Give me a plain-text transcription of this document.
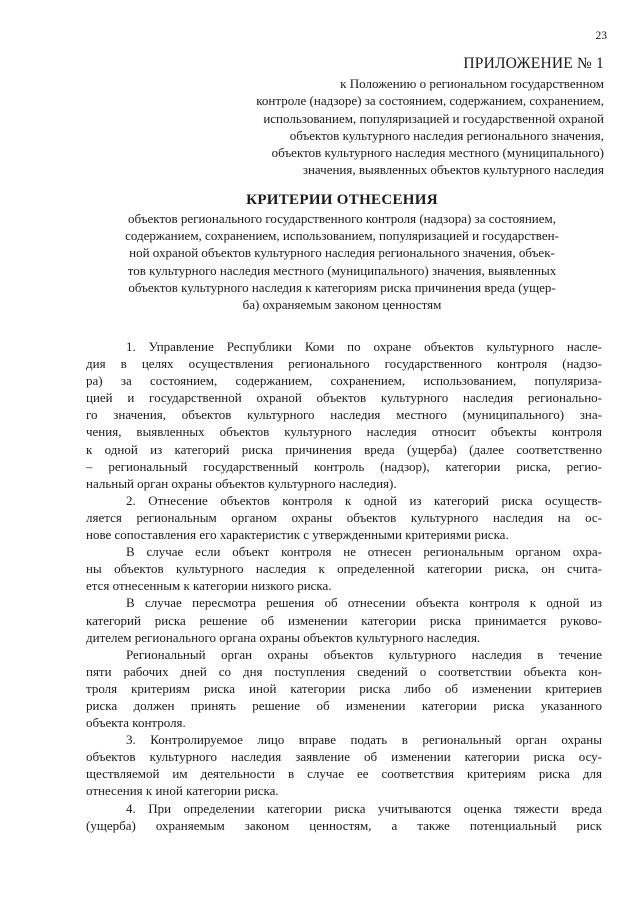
23
ПРИЛОЖЕНИЕ № 1
к Положению о региональном государственном
контроле (надзоре) за состоянием, содержанием, сохранением,
использованием, популяризацией и государственной охраной
объектов культурного наследия регионального значения,
объектов культурного наследия местного (муниципального)
значения, выявленных объектов культурного наследия
КРИТЕРИИ ОТНЕСЕНИЯ
объектов регионального государственного контроля (надзора) за состоянием,
содержанием, сохранением, использованием, популяризацией и государствен-
ной охраной объектов культурного наследия регионального значения, объек-
тов культурного наследия местного (муниципального) значения, выявленных
объектов культурного наследия к категориям риска причинения вреда (ущер-
ба) охраняемым законом ценностям
1. Управление Республики Коми по охране объектов культурного насле-
дия в целях осуществления регионального государственного контроля (надзо-
ра) за состоянием, содержанием, сохранением, использованием, популяриза-
цией и государственной охраной объектов культурного наследия регионально-
го значения, объектов культурного наследия местного (муниципального) зна-
чения, выявленных объектов культурного наследия относит объекты контроля
к одной из категорий риска причинения вреда (ущерба) (далее соответственно
– региональный государственный контроль (надзор), категории риска, регио-
нальный орган охраны объектов культурного наследия).
2. Отнесение объектов контроля к одной из категорий риска осуществ-
ляется региональным органом охраны объектов культурного наследия на ос-
нове сопоставления его характеристик с утвержденными критериями риска.
В случае если объект контроля не отнесен региональным органом охра-
ны объектов культурного наследия к определенной категории риска, он счита-
ется отнесенным к категории низкого риска.
В случае пересмотра решения об отнесении объекта контроля к одной из
категорий риска решение об изменении категории риска принимается руково-
дителем регионального органа охраны объектов культурного наследия.
Региональный орган охраны объектов культурного наследия в течение
пяти рабочих дней со дня поступления сведений о соответствии объекта кон-
троля критериям риска иной категории риска либо об изменении критериев
риска должен принять решение об изменении категории риска указанного
объекта контроля.
3. Контролируемое лицо вправе подать в региональный орган охраны
объектов культурного наследия заявление об изменении категории риска осу-
ществляемой им деятельности в случае ее соответствия критериям риска для
отнесения к иной категории риска.
4. При определении категории риска учитываются оценка тяжести вреда
(ущерба) охраняемым законом ценностям, а также потенциальный риск
